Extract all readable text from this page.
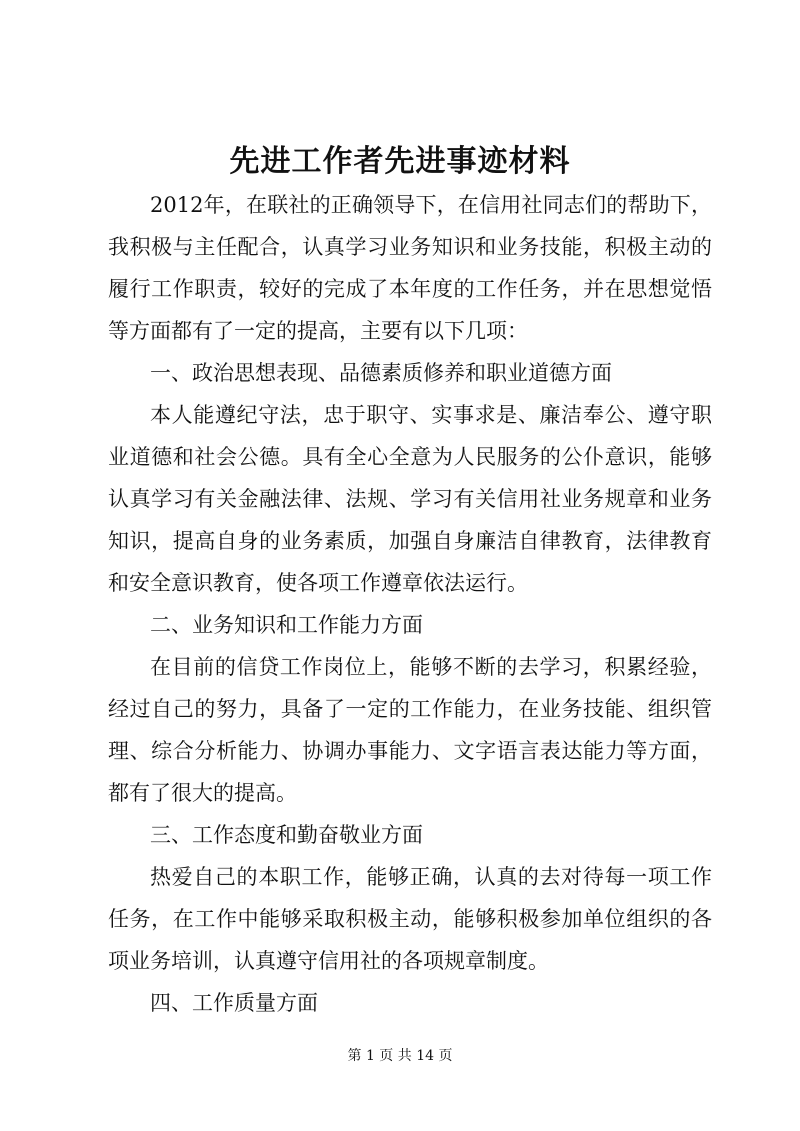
先进工作者先进事迹材料

2012年，在联社的正确领导下，在信用社同志们的帮助下，我积极与主任配合，认真学习业务知识和业务技能，积极主动的履行工作职责，较好的完成了本年度的工作任务，并在思想觉悟等方面都有了一定的提高，主要有以下几项：

一、政治思想表现、品德素质修养和职业道德方面

本人能遵纪守法，忠于职守、实事求是、廉洁奉公、遵守职业道德和社会公德。具有全心全意为人民服务的公仆意识，能够认真学习有关金融法律、法规、学习有关信用社业务规章和业务知识，提高自身的业务素质，加强自身廉洁自律教育，法律教育和安全意识教育，使各项工作遵章依法运行。

二、业务知识和工作能力方面

在目前的信贷工作岗位上，能够不断的去学习，积累经验，经过自己的努力，具备了一定的工作能力，在业务技能、组织管理、综合分析能力、协调办事能力、文字语言表达能力等方面，都有了很大的提高。

三、工作态度和勤奋敬业方面

热爱自己的本职工作，能够正确，认真的去对待每一项工作任务，在工作中能够采取积极主动，能够积极参加单位组织的各项业务培训，认真遵守信用社的各项规章制度。

四、工作质量方面

第 1 页 共 14 页
